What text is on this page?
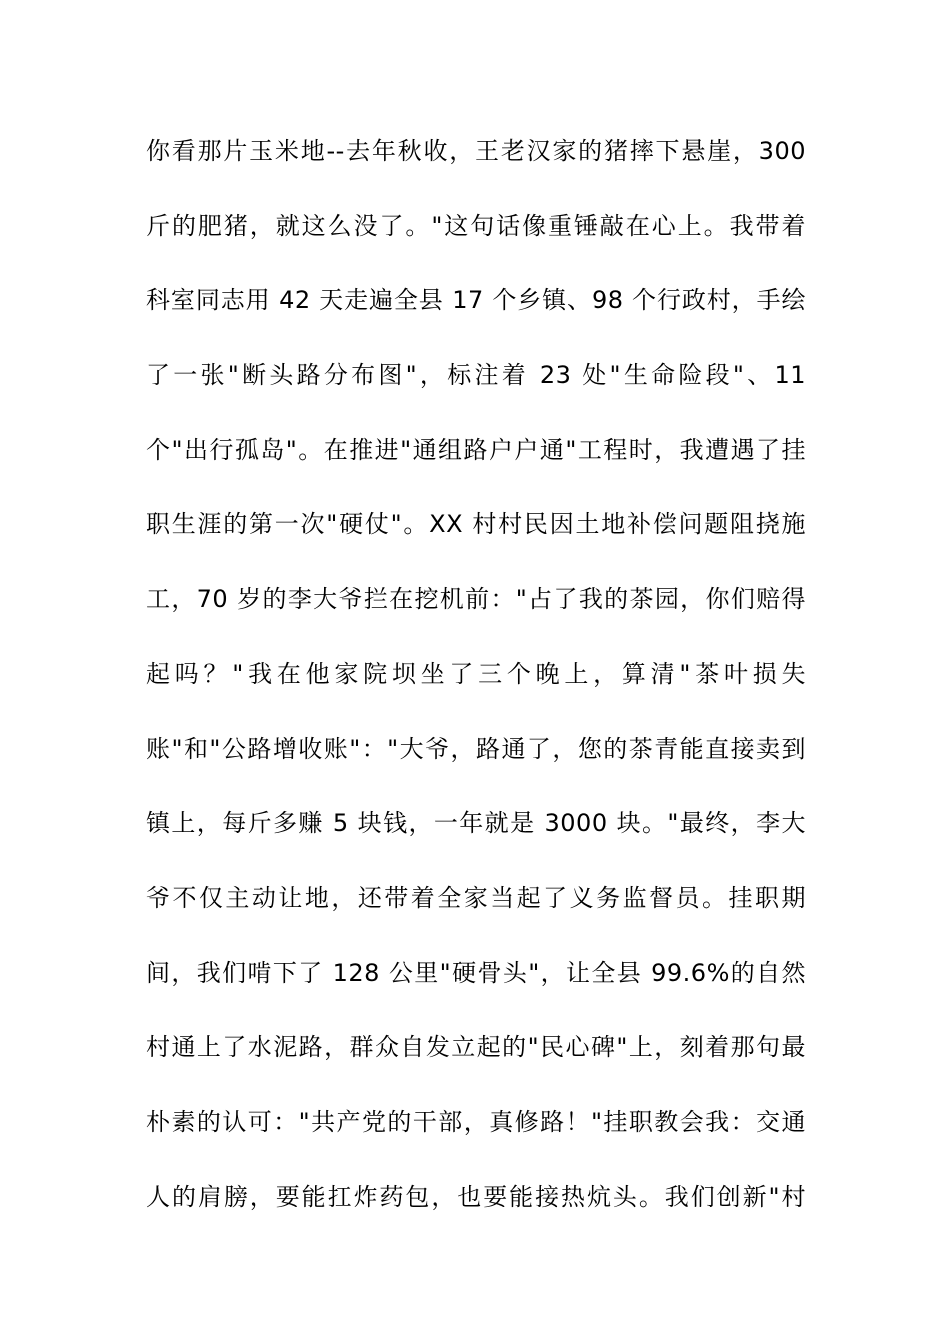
你看那片玉米地--去年秋收，王老汉家的猪摔下悬崖，300
斤的肥猪，就这么没了。"这句话像重锤敲在心上。我带着
科室同志用 42 天走遍全县 17 个乡镇、98 个行政村，手绘
了一张"断头路分布图"，标注着 23 处"生命险段"、11
个"出行孤岛"。在推进"通组路户户通"工程时，我遭遇了挂
职生涯的第一次"硬仗"。XX 村村民因土地补偿问题阻挠施
工，70 岁的李大爷拦在挖机前："占了我的茶园，你们赔得
起吗？"我在他家院坝坐了三个晚上，算清"茶叶损失
账"和"公路增收账"："大爷，路通了，您的茶青能直接卖到
镇上，每斤多赚 5 块钱，一年就是 3000 块。"最终，李大
爷不仅主动让地，还带着全家当起了义务监督员。挂职期
间，我们啃下了 128 公里"硬骨头"，让全县 99.6%的自然
村通上了水泥路，群众自发立起的"民心碑"上，刻着那句最
朴素的认可："共产党的干部，真修路！"挂职教会我：交通
人的肩膀，要能扛炸药包，也要能接热炕头。我们创新"村
